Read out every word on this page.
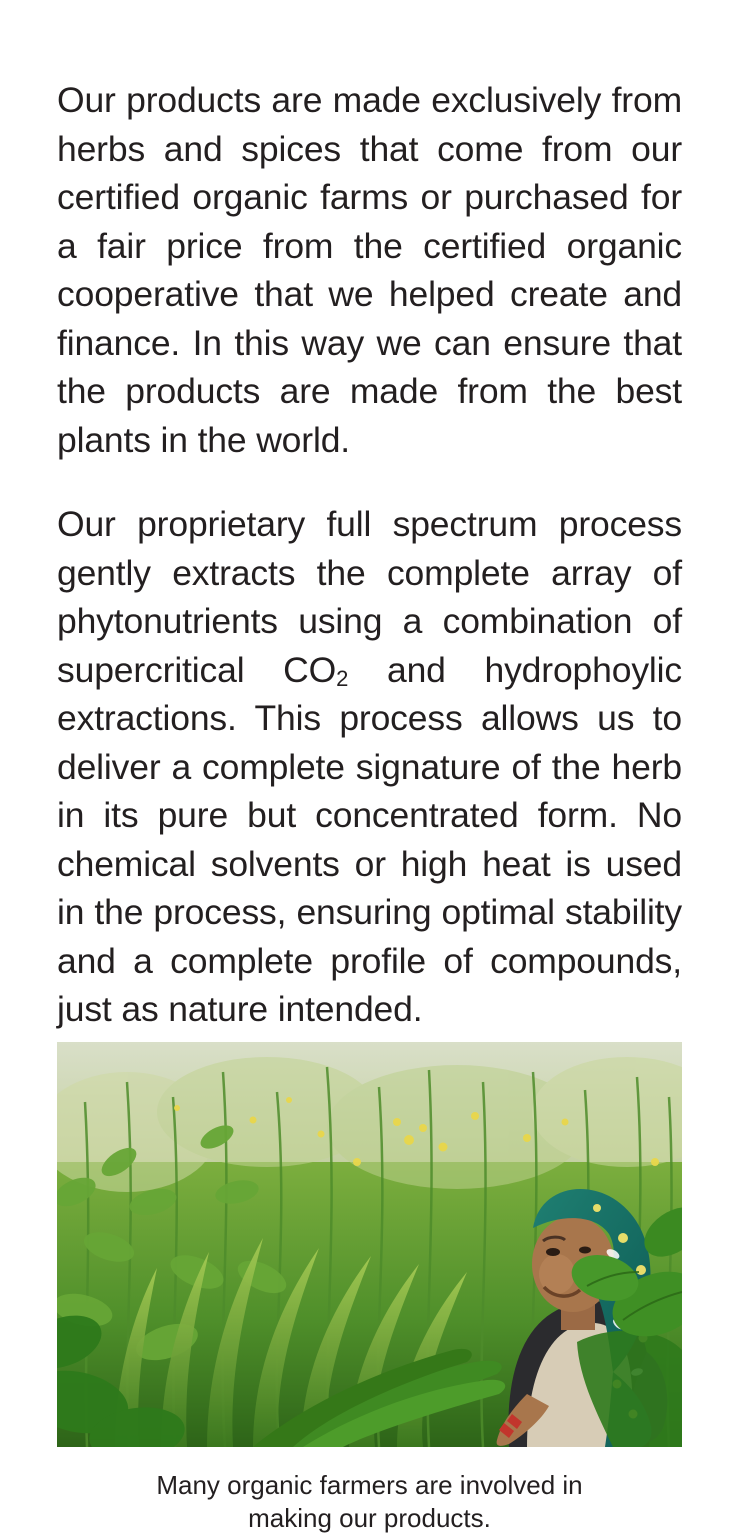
Our products are made exclusively from herbs and spices that come from our certified organic farms or purchased for a fair price from the certified organic cooperative that we helped create and finance. In this way we can ensure that the products are made from the best plants in the world.

Our proprietary full spectrum process gently extracts the complete array of phytonutrients using a combination of supercritical $CO_2$ and hydrophoylic extractions. This process allows us to deliver a complete signature of the herb in its pure but concentrated form. No chemical solvents or high heat is used in the process, ensuring optimal stability and a complete profile of compounds, just as nature intended.

Many organic farmers are involved in
making our products.
